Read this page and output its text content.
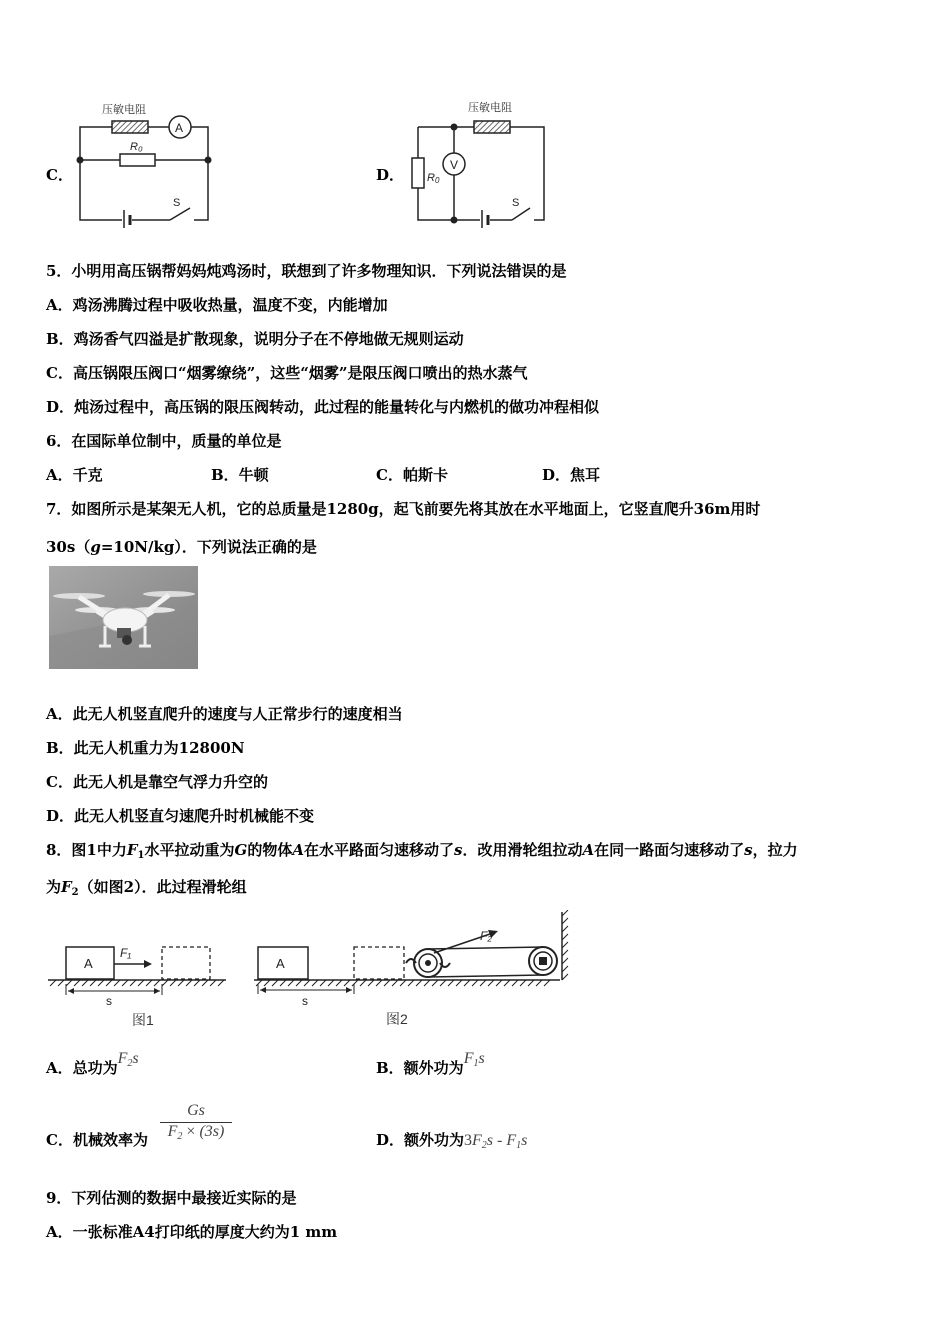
C．
压敏电阻
A
R₀
S
D．
压敏电阻
R0
V
S
5．小明用高压锅帮妈妈炖鸡汤时，联想到了许多物理知识．下列说法错误的是
A．鸡汤沸腾过程中吸收热量，温度不变，内能增加
B．鸡汤香气四溢是扩散现象，说明分子在不停地做无规则运动
C．高压锅限压阀口“烟雾缭绕”，这些“烟雾”是限压阀口喷出的热水蒸气
D．炖汤过程中，高压锅的限压阀转动，此过程的能量转化与内燃机的做功冲程相似
6．在国际单位制中，质量的单位是
A．千克	B．牛顿	C．帕斯卡	D．焦耳
7．如图所示是某架无人机，它的总质量是1280g，起飞前要先将其放在水平地面上，它竖直爬升36m用时
30s（g=10N/kg）．下列说法正确的是
A．此无人机竖直爬升的速度与人正常步行的速度相当
B．此无人机重力为12800N
C．此无人机是靠空气浮力升空的
D．此无人机竖直匀速爬升时机械能不变
8．图1中力$F_1$水平拉动重为G的物体A在水平路面匀速移动了s．改用滑轮组拉动A在同一路面匀速移动了s，拉力
为$F_2$（如图2）．此过程滑轮组
A
F₁
s
图1
A
F₂
s
图2
A．总功为$F_2s$
B．额外功为$F_1s$
C．机械效率为 $\frac{Gs}{F_2 \times (3s)}$	D．额外功为$3F_2s - F_1s$
9．下列估测的数据中最接近实际的是
A．一张标准A4打印纸的厚度大约为1 mm
